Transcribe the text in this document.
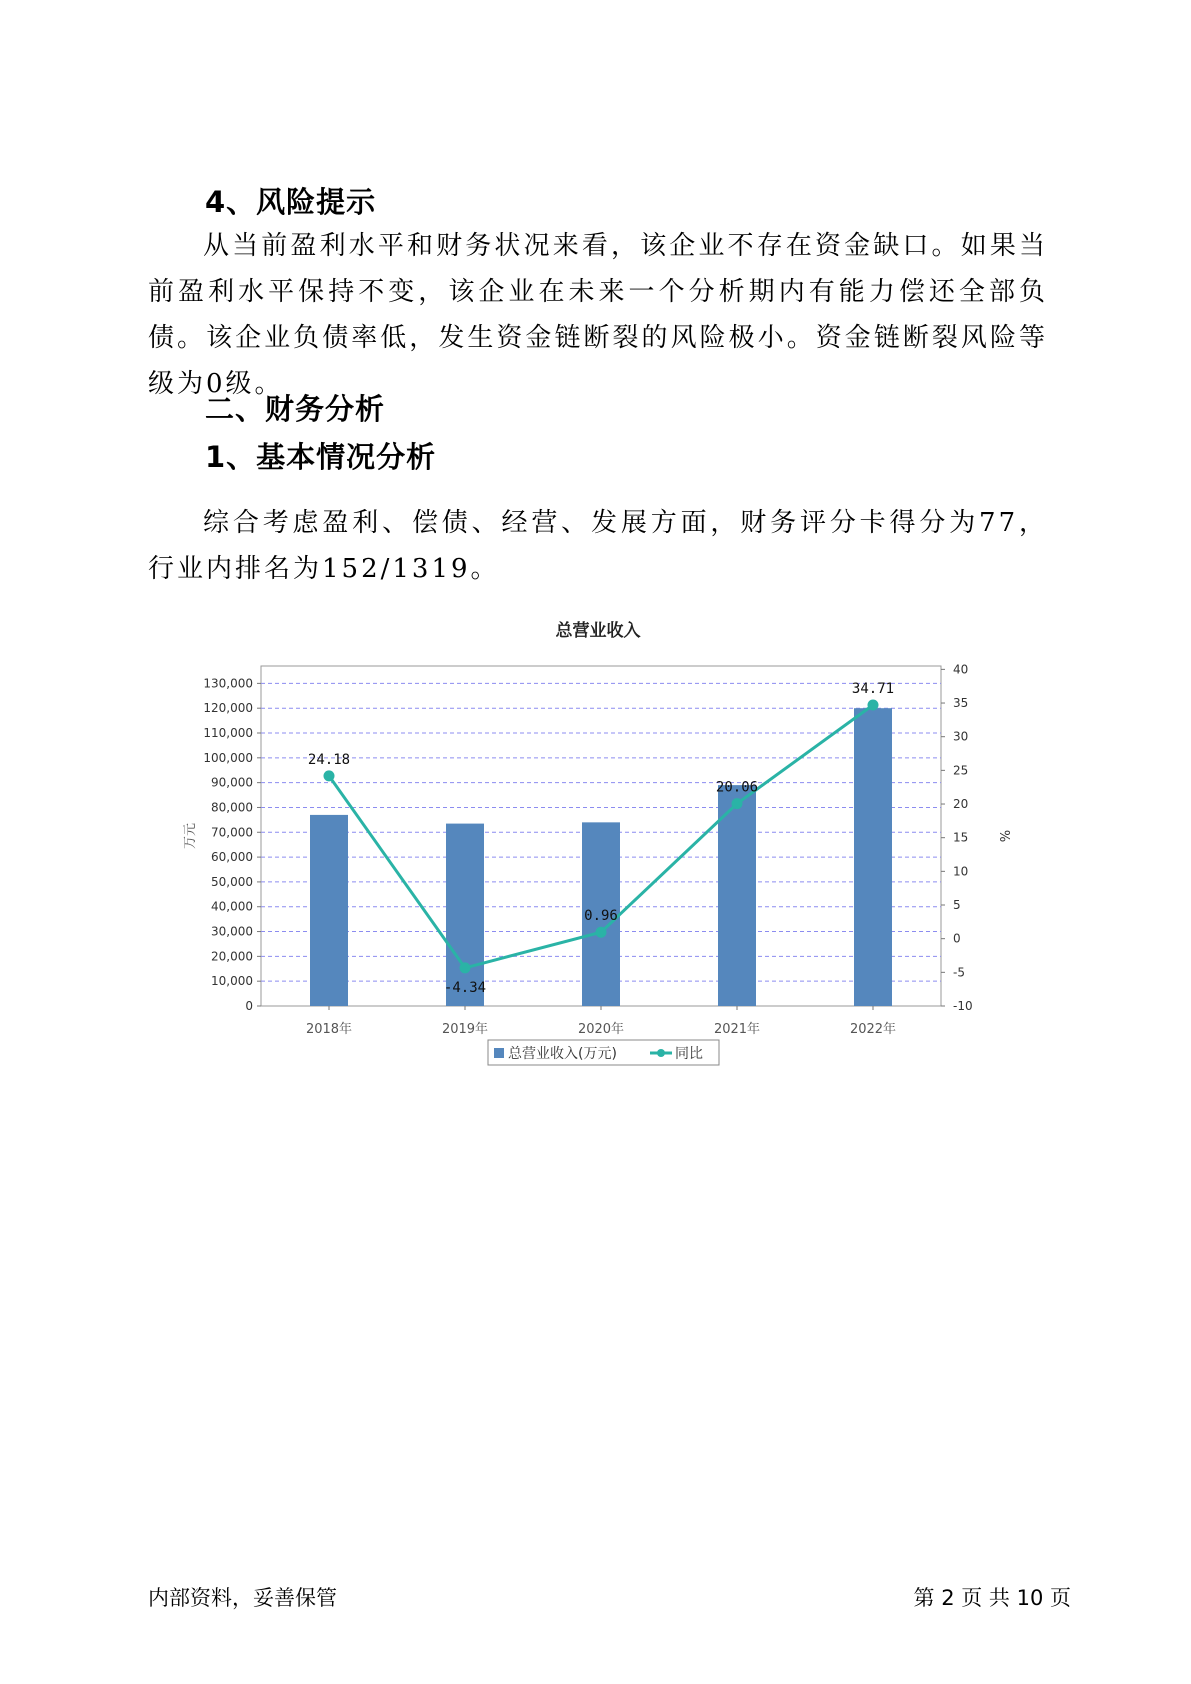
4、风险提示

从当前盈利水平和财务状况来看，该企业不存在资金缺口。如果当前盈利水平保持不变，该企业在未来一个分析期内有能力偿还全部负债。该企业负债率低，发生资金链断裂的风险极小。资金链断裂风险等级为0级。

二、财务分析
1、基本情况分析

综合考虑盈利、偿债、经营、发展方面，财务评分卡得分为77，行业内排名为152/1319。

总营业收入
24.18
-4.34
0.96
20.06
34.71
0
10,000
20,000
30,000
40,000
50,000
60,000
70,000
80,000
90,000
100,000
110,000
120,000
130,000
-10
-5
0
5
10
15
20
25
30
35
40
2018年	2019年	2020年	2021年	2022年
万元	%
总营业收入(万元)	同比
内部资料，妥善保管	第 2 页 共 10 页
